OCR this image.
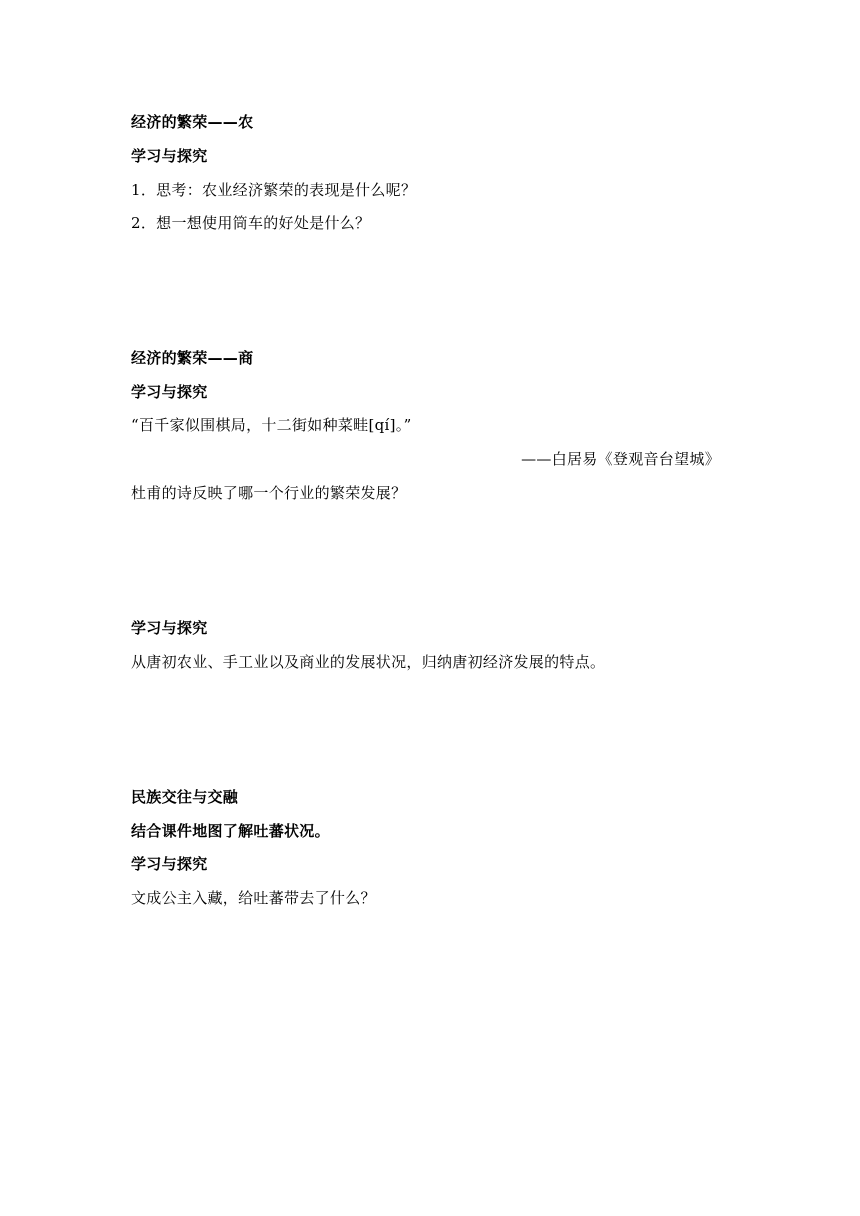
经济的繁荣——农
学习与探究
1．思考：农业经济繁荣的表现是什么呢？
2．想一想使用筒车的好处是什么？
经济的繁荣——商
学习与探究
“百千家似围棋局，十二街如种菜畦[qí]。”
——白居易《登观音台望城》
杜甫的诗反映了哪一个行业的繁荣发展？
学习与探究
从唐初农业、手工业以及商业的发展状况，归纳唐初经济发展的特点。
民族交往与交融
结合课件地图了解吐蕃状况。
学习与探究
文成公主入藏，给吐蕃带去了什么？
